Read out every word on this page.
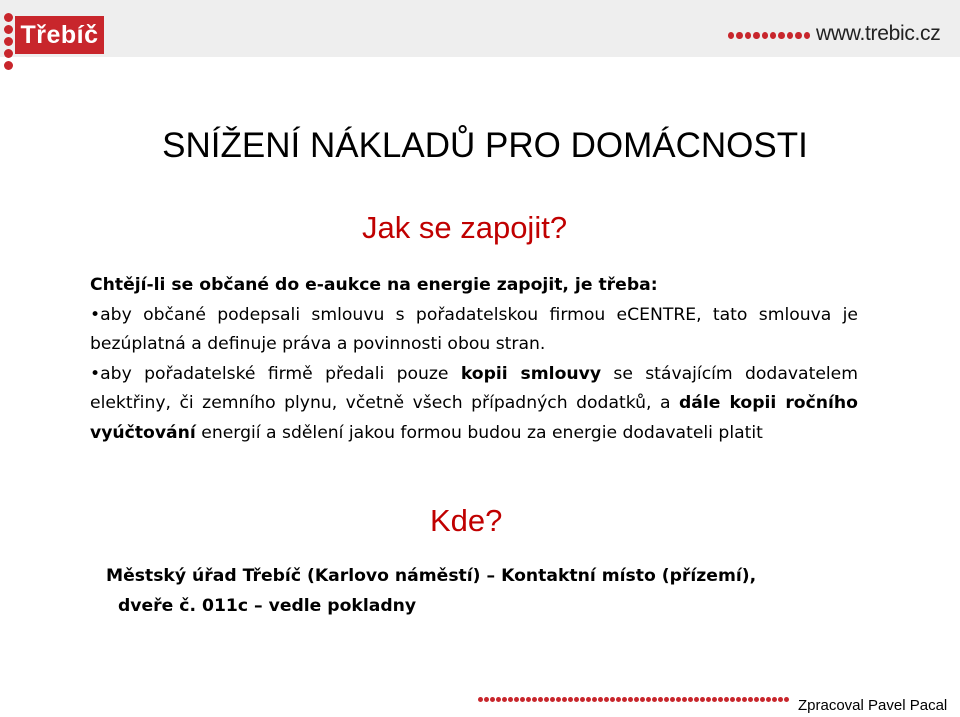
Třebíč	www.trebic.cz
SNÍŽENÍ NÁKLADŮ PRO DOMÁCNOSTI
Jak se zapojit?

Chtějí-li se občané do e-aukce na energie zapojit, je třeba:

•aby občané podepsali smlouvu s pořadatelskou firmou eCENTRE, tato smlouva je bezúplatná a definuje práva a povinnosti obou stran.

•aby pořadatelské firmě předali pouze kopii smlouvy se stávajícím dodavatelem elektřiny, či zemního plynu, včetně všech případných dodatků, a dále kopii ročního vyúčtování energií a sdělení jakou formou budou za energie dodavateli platit

Kde?
Městský úřad Třebíč (Karlovo náměstí) – Kontaktní místo (přízemí),
dveře č. 011c – vedle pokladny
Zpracoval Pavel Pacal
